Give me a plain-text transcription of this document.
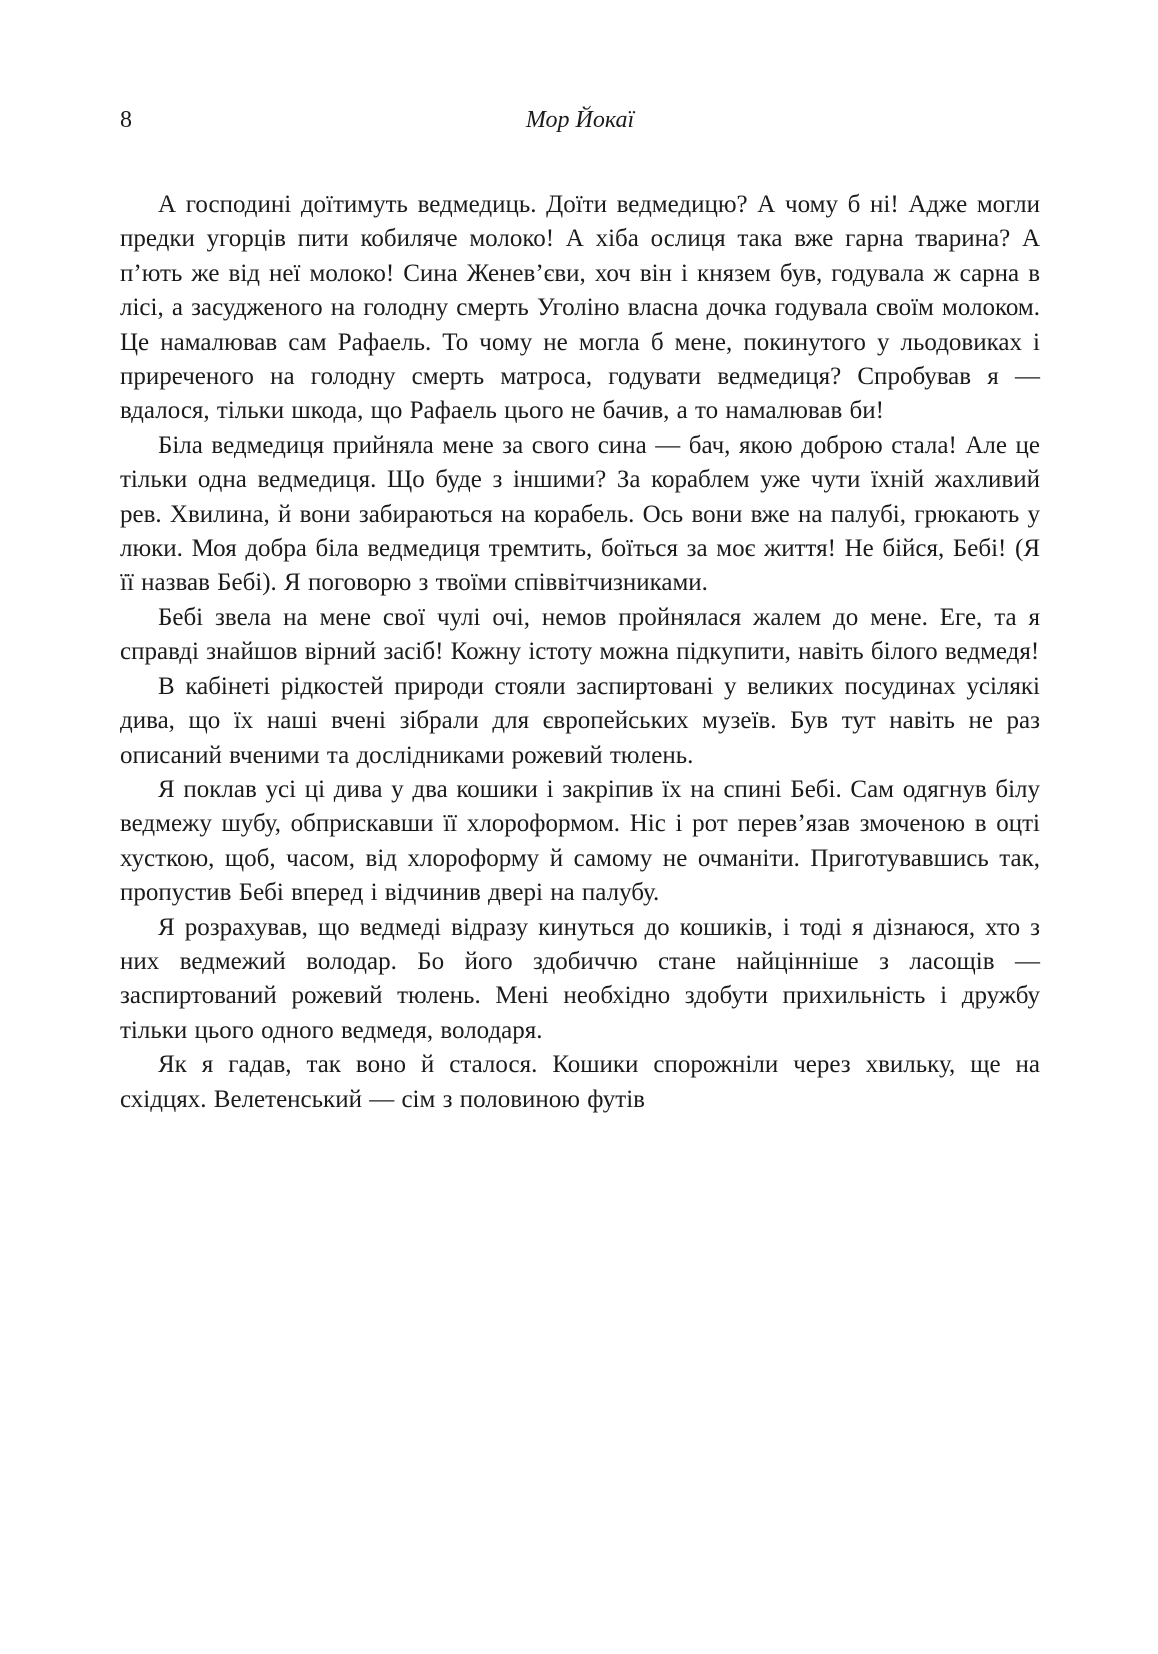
8	Мор Йокаї

А господині доїтимуть ведмедиць. Доїти ведмедицю? А чому б ні! Адже могли предки угорців пити кобиляче молоко! А хіба ослиця така вже гарна тварина? А п’ють же від неї молоко! Сина Женев’єви, хоч він і князем був, годувала ж сарна в лісі, а засудженого на голодну смерть Уголіно власна дочка годувала своїм молоком. Це намалював сам Рафаель. То чому не могла б мене, покинутого у льодовиках і приреченого на голодну смерть матроса, годувати ведмедиця? Спробував я — вдалося, тільки шкода, що Рафаель цього не бачив, а то намалював би!

Біла ведмедиця прийняла мене за свого сина — бач, якою доброю стала! Але це тільки одна ведмедиця. Що буде з іншими? За кораблем уже чути їхній жахливий рев. Хвилина, й вони забираються на корабель. Ось вони вже на палубі, грюкають у люки. Моя добра біла ведмедиця тремтить, боїться за моє життя! Не бійся, Бебі! (Я її назвав Бебі). Я поговорю з твоїми співвітчизниками.

Бебі звела на мене свої чулі очі, немов пройнялася жалем до мене. Еге, та я справді знайшов вірний засіб! Кожну істоту можна підкупити, навіть білого ведмедя!

В кабінеті рідкостей природи стояли заспиртовані у великих посудинах усілякі дива, що їх наші вчені зібрали для європейських музеїв. Був тут навіть не раз описаний вченими та дослідниками рожевий тюлень.

Я поклав усі ці дива у два кошики і закріпив їх на спині Бебі. Сам одягнув білу ведмежу шубу, обприскавши її хлороформом. Ніс і рот перев’язав змоченою в оцті хусткою, щоб, часом, від хлороформу й самому не очманіти. Приготувавшись так, пропустив Бебі вперед і відчинив двері на палубу.

Я розрахував, що ведмеді відразу кинуться до кошиків, і тоді я дізнаюся, хто з них ведмежий володар. Бо його здобиччю стане найцінніше з ласощів — заспиртований рожевий тюлень. Мені необхідно здобути прихильність і дружбу тільки цього одного ведмедя, володаря.

Як я гадав, так воно й сталося. Кошики спорожніли через хвильку, ще на східцях. Велетенський — сім з половиною футів
